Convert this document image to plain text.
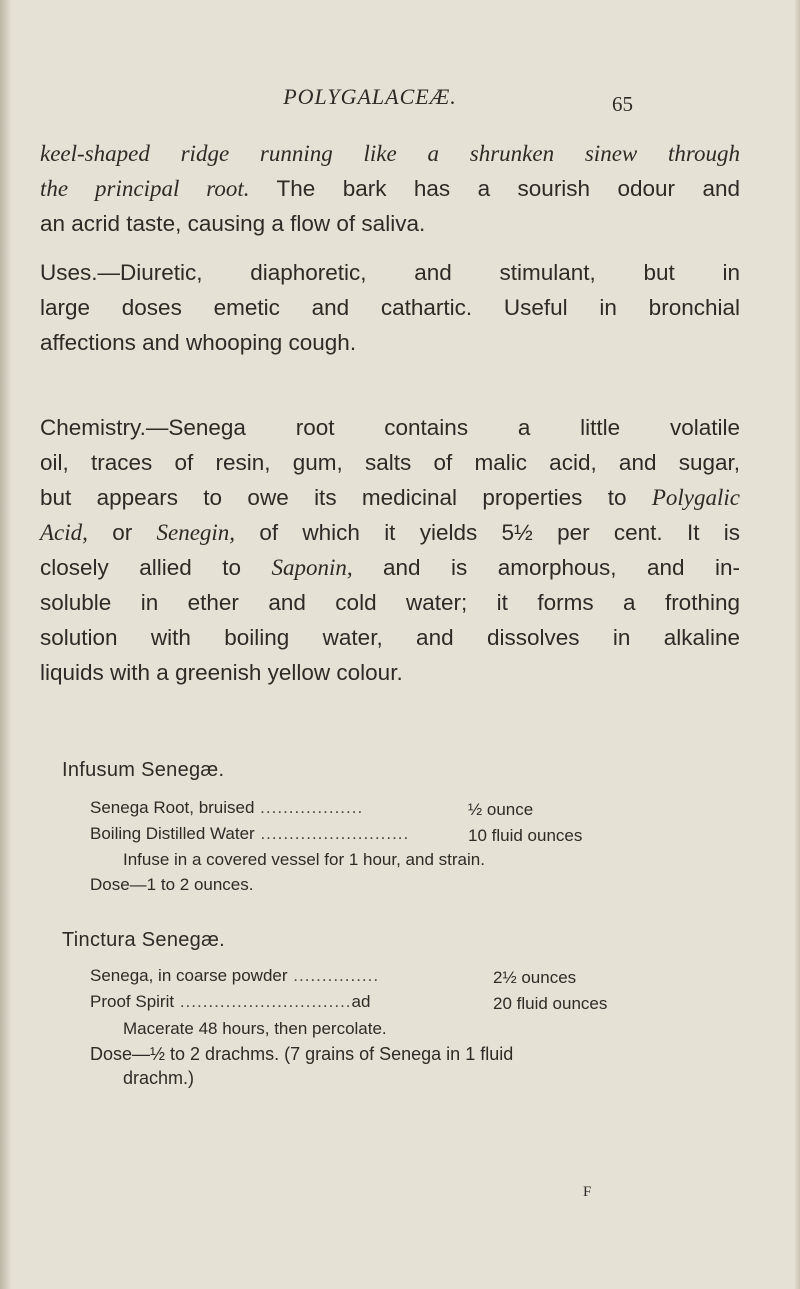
POLYGALACEÆ.	65

keel-shaped ridge running like a shrunken sinew through

the principal root. The bark has a sourish odour and

an acrid taste, causing a flow of saliva.

Uses.—Diuretic, diaphoretic, and stimulant, but in

large doses emetic and cathartic. Useful in bronchial

affections and whooping cough.

Chemistry.—Senega root contains a little volatile

oil, traces of resin, gum, salts of malic acid, and sugar,

but appears to owe its medicinal properties to Polygalic

Acid, or Senegin, of which it yields 5½ per cent. It is

closely allied to Saponin, and is amorphous, and in-

soluble in ether and cold water; it forms a frothing

solution with boiling water, and dissolves in alkaline

liquids with a greenish yellow colour.

Infusum Senegæ.
Senega Root, bruised ..................	½ ounce
Boiling Distilled Water ..........................	10 fluid ounces
Infuse in a covered vessel for 1 hour, and strain.
Dose—1 to 2 ounces.
Tinctura Senegæ.
Senega, in coarse powder ...............	2½ ounces
Proof Spirit ..............................ad	20 fluid ounces
Macerate 48 hours, then percolate.
Dose—½ to 2 drachms. (7 grains of Senega in 1 fluid
drachm.)
F
